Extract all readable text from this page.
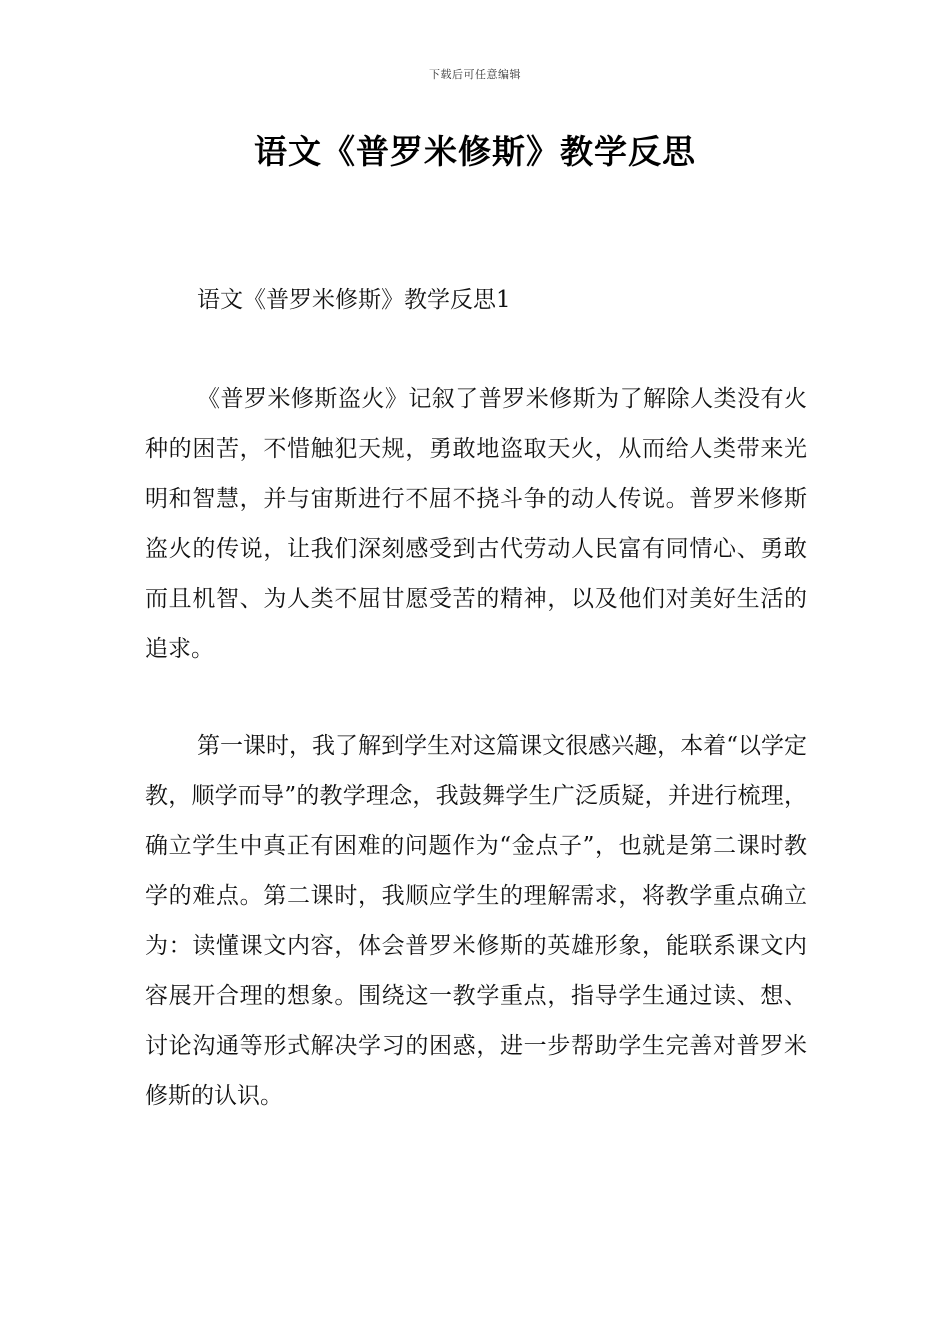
下载后可任意编辑
语文《普罗米修斯》教学反思
语文《普罗米修斯》教学反思1

《普罗米修斯盗火》记叙了普罗米修斯为了解除人类没有火种的困苦，不惜触犯天规，勇敢地盗取天火，从而给人类带来光明和智慧，并与宙斯进行不屈不挠斗争的动人传说。普罗米修斯盗火的传说，让我们深刻感受到古代劳动人民富有同情心、勇敢而且机智、为人类不屈甘愿受苦的精神，以及他们对美好生活的追求。

第一课时，我了解到学生对这篇课文很感兴趣，本着“以学定教，顺学而导”的教学理念，我鼓舞学生广泛质疑，并进行梳理，确立学生中真正有困难的问题作为“金点子”，也就是第二课时教学的难点。第二课时，我顺应学生的理解需求，将教学重点确立为：读懂课文内容，体会普罗米修斯的英雄形象，能联系课文内容展开合理的想象。围绕这一教学重点，指导学生通过读、想、讨论沟通等形式解决学习的困惑，进一步帮助学生完善对普罗米修斯的认识。
